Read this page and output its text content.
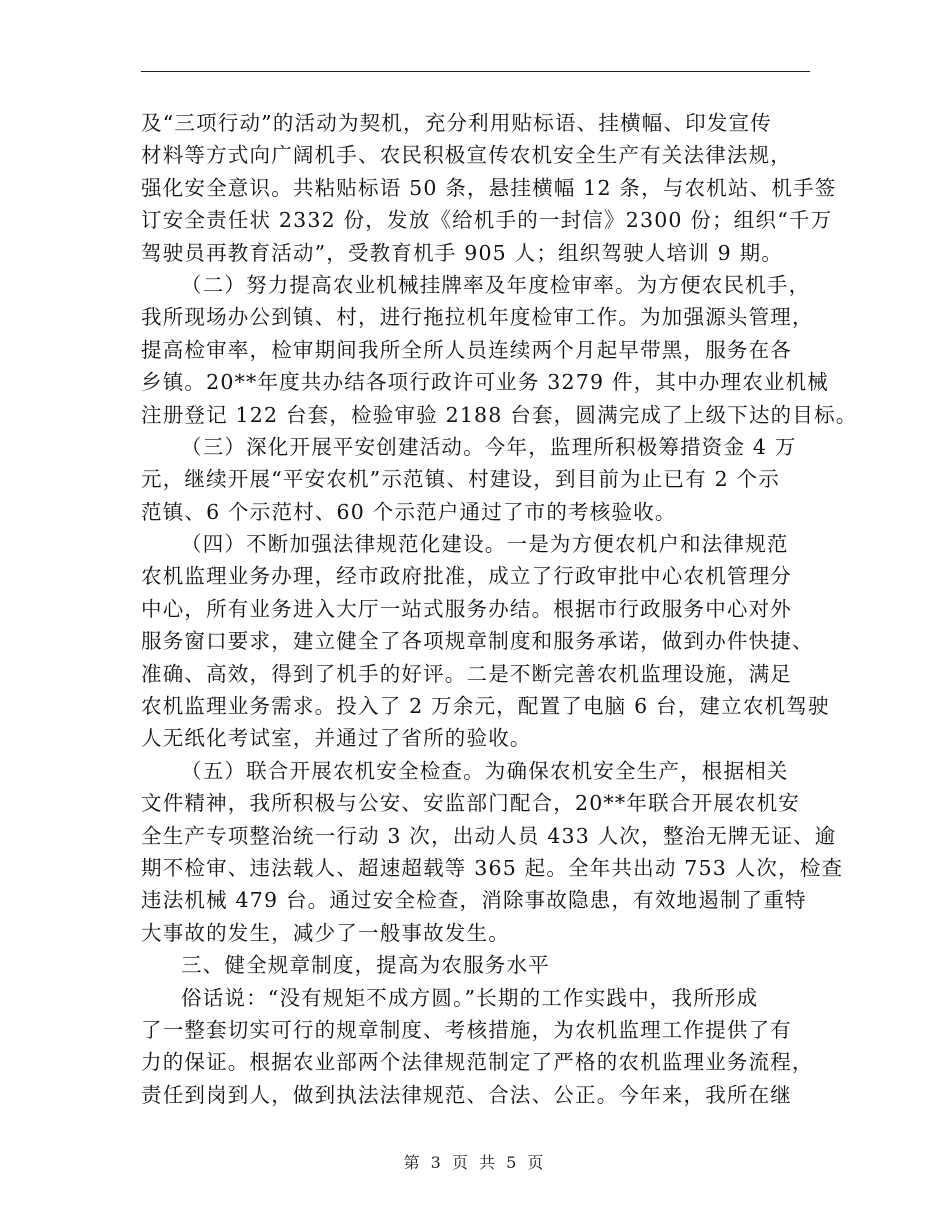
及“三项行动”的活动为契机，充分利用贴标语、挂横幅、印发宣传
材料等方式向广阔机手、农民积极宣传农机安全生产有关法律法规，
强化安全意识。共粘贴标语 50 条，悬挂横幅 12 条，与农机站、机手签
订安全责任状 2332 份，发放《给机手的一封信》2300 份；组织“千万
驾驶员再教育活动”，受教育机手 905 人；组织驾驶人培训 9 期。
（二）努力提高农业机械挂牌率及年度检审率。为方便农民机手，
我所现场办公到镇、村，进行拖拉机年度检审工作。为加强源头管理，
提高检审率，检审期间我所全所人员连续两个月起早带黑，服务在各
乡镇。20**年度共办结各项行政许可业务 3279 件，其中办理农业机械
注册登记 122 台套，检验审验 2188 台套，圆满完成了上级下达的目标。
（三）深化开展平安创建活动。今年，监理所积极筹措资金 4 万
元，继续开展“平安农机”示范镇、村建设，到目前为止已有 2 个示
范镇、6 个示范村、60 个示范户通过了市的考核验收。
（四）不断加强法律规范化建设。一是为方便农机户和法律规范
农机监理业务办理，经市政府批准，成立了行政审批中心农机管理分
中心，所有业务进入大厅一站式服务办结。根据市行政服务中心对外
服务窗口要求，建立健全了各项规章制度和服务承诺，做到办件快捷、
准确、高效，得到了机手的好评。二是不断完善农机监理设施，满足
农机监理业务需求。投入了 2 万余元，配置了电脑 6 台，建立农机驾驶
人无纸化考试室，并通过了省所的验收。
（五）联合开展农机安全检查。为确保农机安全生产，根据相关
文件精神，我所积极与公安、安监部门配合，20**年联合开展农机安
全生产专项整治统一行动 3 次，出动人员 433 人次，整治无牌无证、逾
期不检审、违法载人、超速超载等 365 起。全年共出动 753 人次，检查
违法机械 479 台。通过安全检查，消除事故隐患，有效地遏制了重特
大事故的发生，减少了一般事故发生。
三、健全规章制度，提高为农服务水平
俗话说：“没有规矩不成方圆。”长期的工作实践中，我所形成
了一整套切实可行的规章制度、考核措施，为农机监理工作提供了有
力的保证。根据农业部两个法律规范制定了严格的农机监理业务流程，
责任到岗到人，做到执法法律规范、合法、公正。今年来，我所在继
第 3 页 共 5 页
